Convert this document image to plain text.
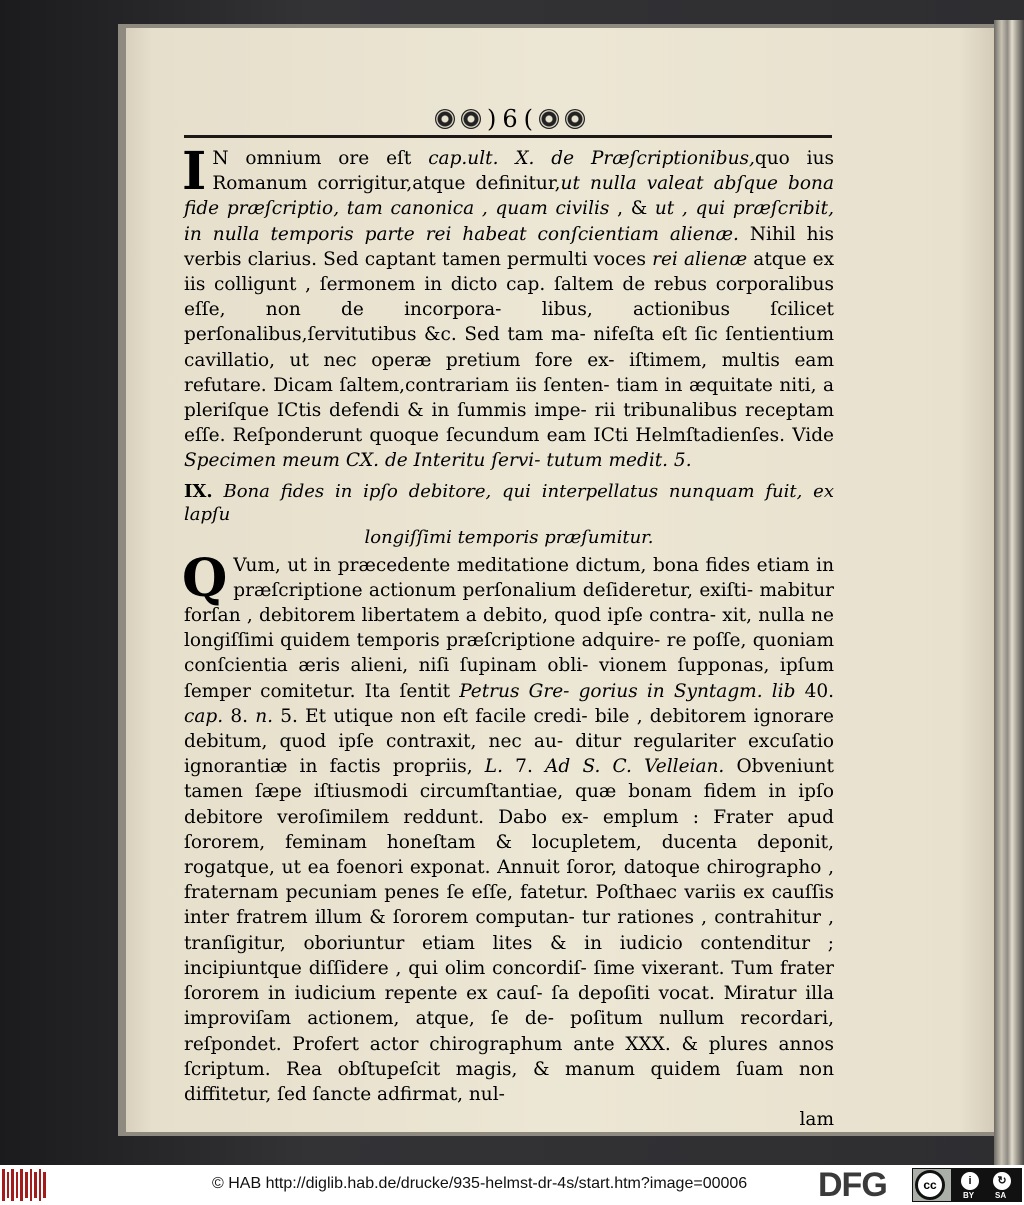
) 6 (

I N omnium ore eſt cap.ult. X. de Præſcriptionibus,quo ius Romanum corrigitur,atque definitur,ut nulla valeat abſque bona fide præſcriptio, tam canonica , quam civilis , & ut , qui præſcribit, in nulla temporis parte rei habeat conſcientiam alienæ. Nihil his verbis clarius. Sed captant tamen permulti voces rei alienæ atque ex iis colligunt , ſermonem in dicto cap. ſaltem de rebus corporalibus eſſe, non de incorpora- libus, actionibus ſcilicet perſonalibus,ſervitutibus &c. Sed tam ma- nifeſta eſt ſic ſentientium cavillatio, ut nec operæ pretium fore ex- iſtimem, multis eam refutare. Dicam ſaltem,contrariam iis ſenten- tiam in æquitate niti, a pleriſque ICtis defendi & in ſummis impe- rii tribunalibus receptam eſſe. Reſponderunt quoque ſecundum eam ICti Helmſtadienſes. Vide Specimen meum CX. de Interitu ſervi- tutum medit. 5.

IX. Bona fides in ipſo debitore, qui interpellatus nunquam fuit, ex lapſu

longiſſimi temporis præſumitur.

Q Vum, ut in præcedente meditatione dictum, bona fides etiam in præſcriptione actionum perſonalium deſideretur, exiſti- mabitur forſan , debitorem libertatem a debito, quod ipſe contra- xit, nulla ne longiſſimi quidem temporis præſcriptione adquire- re poſſe, quoniam conſcientia æris alieni, niſi ſupinam obli- vionem ſupponas, ipſum ſemper comitetur. Ita ſentit Petrus Gre- gorius in Syntagm. lib 40. cap. 8. n. 5. Et utique non eſt facile credi- bile , debitorem ignorare debitum, quod ipſe contraxit, nec au- ditur regulariter excuſatio ignorantiæ in factis propriis, L. 7. Ad S. C. Velleian. Obveniunt tamen ſæpe iſtiusmodi circumſtantiae, quæ bonam fidem in ipſo debitore veroſimilem reddunt. Dabo ex- emplum : Frater apud ſororem, feminam honeſtam & locupletem, ducenta deponit, rogatque, ut ea foenori exponat. Annuit ſoror, datoque chirographo , fraternam pecuniam penes ſe eſſe, fatetur. Poſthaec variis ex cauſſis inter fratrem illum & ſororem computan- tur rationes , contrahitur , tranſigitur, oboriuntur etiam lites & in iudicio contenditur ; incipiuntque diſſidere , qui olim concordiſ- ſime vixerant. Tum frater ſororem in iudicium repente ex cauſ- ſa depoſiti vocat. Miratur illa improviſam actionem, atque, ſe de- poſitum nullum recordari, reſpondet. Profert actor chirographum ante XXX. & plures annos ſcriptum. Rea obſtupeſcit magis, & manum quidem ſuam non diffitetur, ſed ſancte adfirmat, nul-

lam

© HAB http://diglib.hab.de/drucke/935-helmst-dr-4s/start.htm?image=00006 DFG	cc	i	↻
BY	SA
